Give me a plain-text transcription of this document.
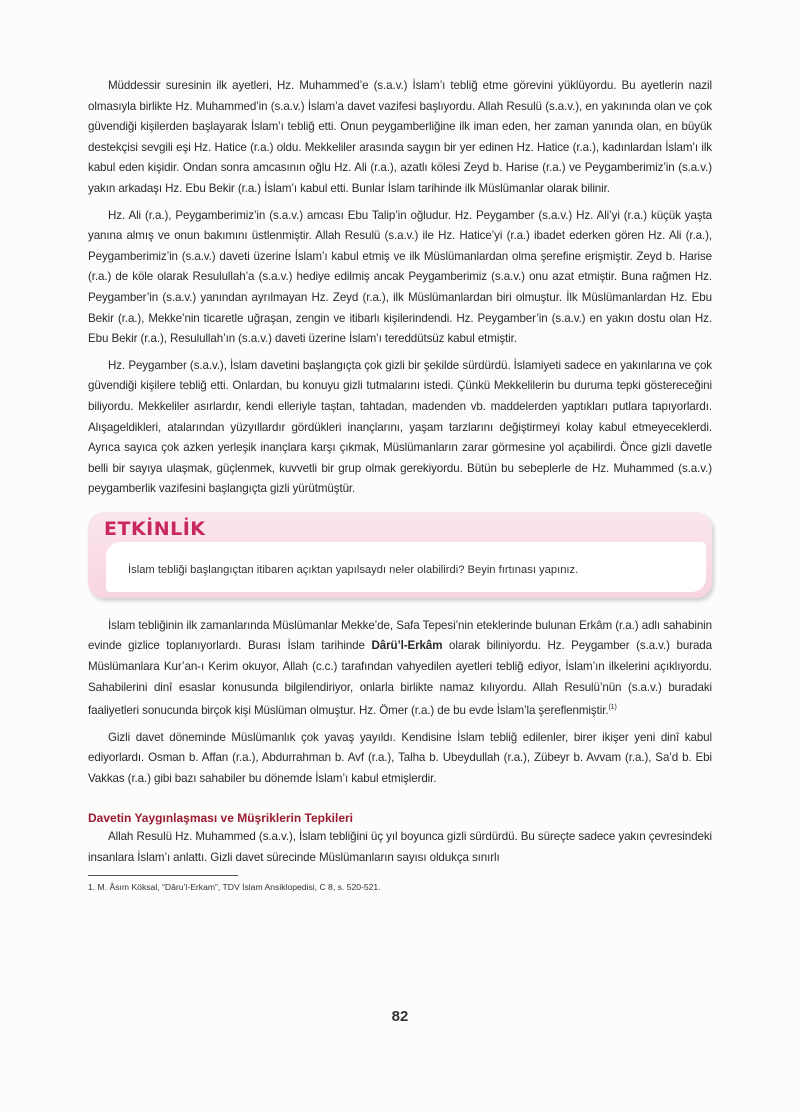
Müddessir suresinin ilk ayetleri, Hz. Muhammed’e (s.a.v.) İslam’ı tebliğ etme görevini yüklüyordu. Bu ayetlerin nazil olmasıyla birlikte Hz. Muhammed’in (s.a.v.) İslam’a davet vazifesi başlıyordu. Allah Resulü (s.a.v.), en yakınında olan ve çok güvendiği kişilerden başlayarak İslam’ı tebliğ etti. Onun peygamberliğine ilk iman eden, her zaman yanında olan, en büyük destekçisi sevgili eşi Hz. Hatice (r.a.) oldu. Mekkeliler arasında saygın bir yer edinen Hz. Hatice (r.a.), kadınlardan İslam’ı ilk kabul eden kişidir. Ondan sonra amcasının oğlu Hz. Ali (r.a.), azatlı kölesi Zeyd b. Harise (r.a.) ve Peygamberimiz’in (s.a.v.) yakın arkadaşı Hz. Ebu Bekir (r.a.) İslam’ı kabul etti. Bunlar İslam tarihinde ilk Müslümanlar olarak bilinir.

Hz. Ali (r.a.), Peygamberimiz’in (s.a.v.) amcası Ebu Talip’in oğludur. Hz. Peygamber (s.a.v.) Hz. Ali’yi (r.a.) küçük yaşta yanına almış ve onun bakımını üstlenmiştir. Allah Resulü (s.a.v.) ile Hz. Hatice’yi (r.a.) ibadet ederken gören Hz. Ali (r.a.), Peygamberimiz’in (s.a.v.) daveti üzerine İslam’ı kabul etmiş ve ilk Müslümanlardan olma şerefine erişmiştir. Zeyd b. Harise (r.a.) de köle olarak Resulullah’a (s.a.v.) hediye edilmiş ancak Peygamberimiz (s.a.v.) onu azat etmiştir. Buna rağmen Hz. Peygamber’in (s.a.v.) yanından ayrılmayan Hz. Zeyd (r.a.), ilk Müslümanlardan biri olmuştur. İlk Müslümanlardan Hz. Ebu Bekir (r.a.), Mekke’nin ticaretle uğraşan, zengin ve itibarlı kişilerindendi. Hz. Peygamber’in (s.a.v.) en yakın dostu olan Hz. Ebu Bekir (r.a.), Resulullah’ın (s.a.v.) daveti üzerine İslam’ı tereddütsüz kabul etmiştir.

Hz. Peygamber (s.a.v.), İslam davetini başlangıçta çok gizli bir şekilde sürdürdü. İslamiyeti sadece en yakınlarına ve çok güvendiği kişilere tebliğ etti. Onlardan, bu konuyu gizli tutmalarını istedi. Çünkü Mekkelilerin bu duruma tepki göstereceğini biliyordu. Mekkeliler asırlardır, kendi elleriyle taştan, tahtadan, madenden vb. maddelerden yaptıkları putlara tapıyorlardı. Alışageldikleri, atalarından yüzyıllardır gördükleri inançlarını, yaşam tarzlarını değiştirmeyi kolay kabul etmeyeceklerdi. Ayrıca sayıca çok azken yerleşik inançlara karşı çıkmak, Müslümanların zarar görmesine yol açabilirdi. Önce gizli davetle belli bir sayıya ulaşmak, güçlenmek, kuvvetli bir grup olmak gerekiyordu. Bütün bu sebeplerle de Hz. Muhammed (s.a.v.) peygamberlik vazifesini başlangıçta gizli yürütmüştür.

ETKİNLİK
İslam tebliği başlangıçtan itibaren açıktan yapılsaydı neler olabilirdi? Beyin fırtınası yapınız.

İslam tebliğinin ilk zamanlarında Müslümanlar Mekke’de, Safa Tepesi’nin eteklerinde bulunan Erkâm (r.a.) adlı sahabinin evinde gizlice toplanıyorlardı. Burası İslam tarihinde Dârü’l-Erkâm olarak biliniyordu. Hz. Peygamber (s.a.v.) burada Müslümanlara Kur’an-ı Kerim okuyor, Allah (c.c.) tarafından vahyedilen ayetleri tebliğ ediyor, İslam’ın ilkelerini açıklıyordu. Sahabilerini dinî esaslar konusunda bilgilendiriyor, onlarla birlikte namaz kılıyordu. Allah Resulü’nün (s.a.v.) buradaki faaliyetleri sonucunda birçok kişi Müslüman olmuştur. Hz. Ömer (r.a.) de bu evde İslam’la şereflenmiştir.$^{(1)}$

Gizli davet döneminde Müslümanlık çok yavaş yayıldı. Kendisine İslam tebliğ edilenler, birer ikişer yeni dinî kabul ediyorlardı. Osman b. Affan (r.a.), Abdurrahman b. Avf (r.a.), Talha b. Ubeydullah (r.a.), Zübeyr b. Avvam (r.a.), Sa’d b. Ebi Vakkas (r.a.) gibi bazı sahabiler bu dönemde İslam’ı kabul etmişlerdir.

Davetin Yaygınlaşması ve Müşriklerin Tepkileri

Allah Resulü Hz. Muhammed (s.a.v.), İslam tebliğini üç yıl boyunca gizli sürdürdü. Bu süreçte sadece yakın çevresindeki insanlara İslam’ı anlattı. Gizli davet sürecinde Müslümanların sayısı oldukça sınırlı

1. M. Âsım Köksal, “Dâru’l-Erkam”, TDV İslam Ansiklopedisi, C 8, s. 520-521.

82
